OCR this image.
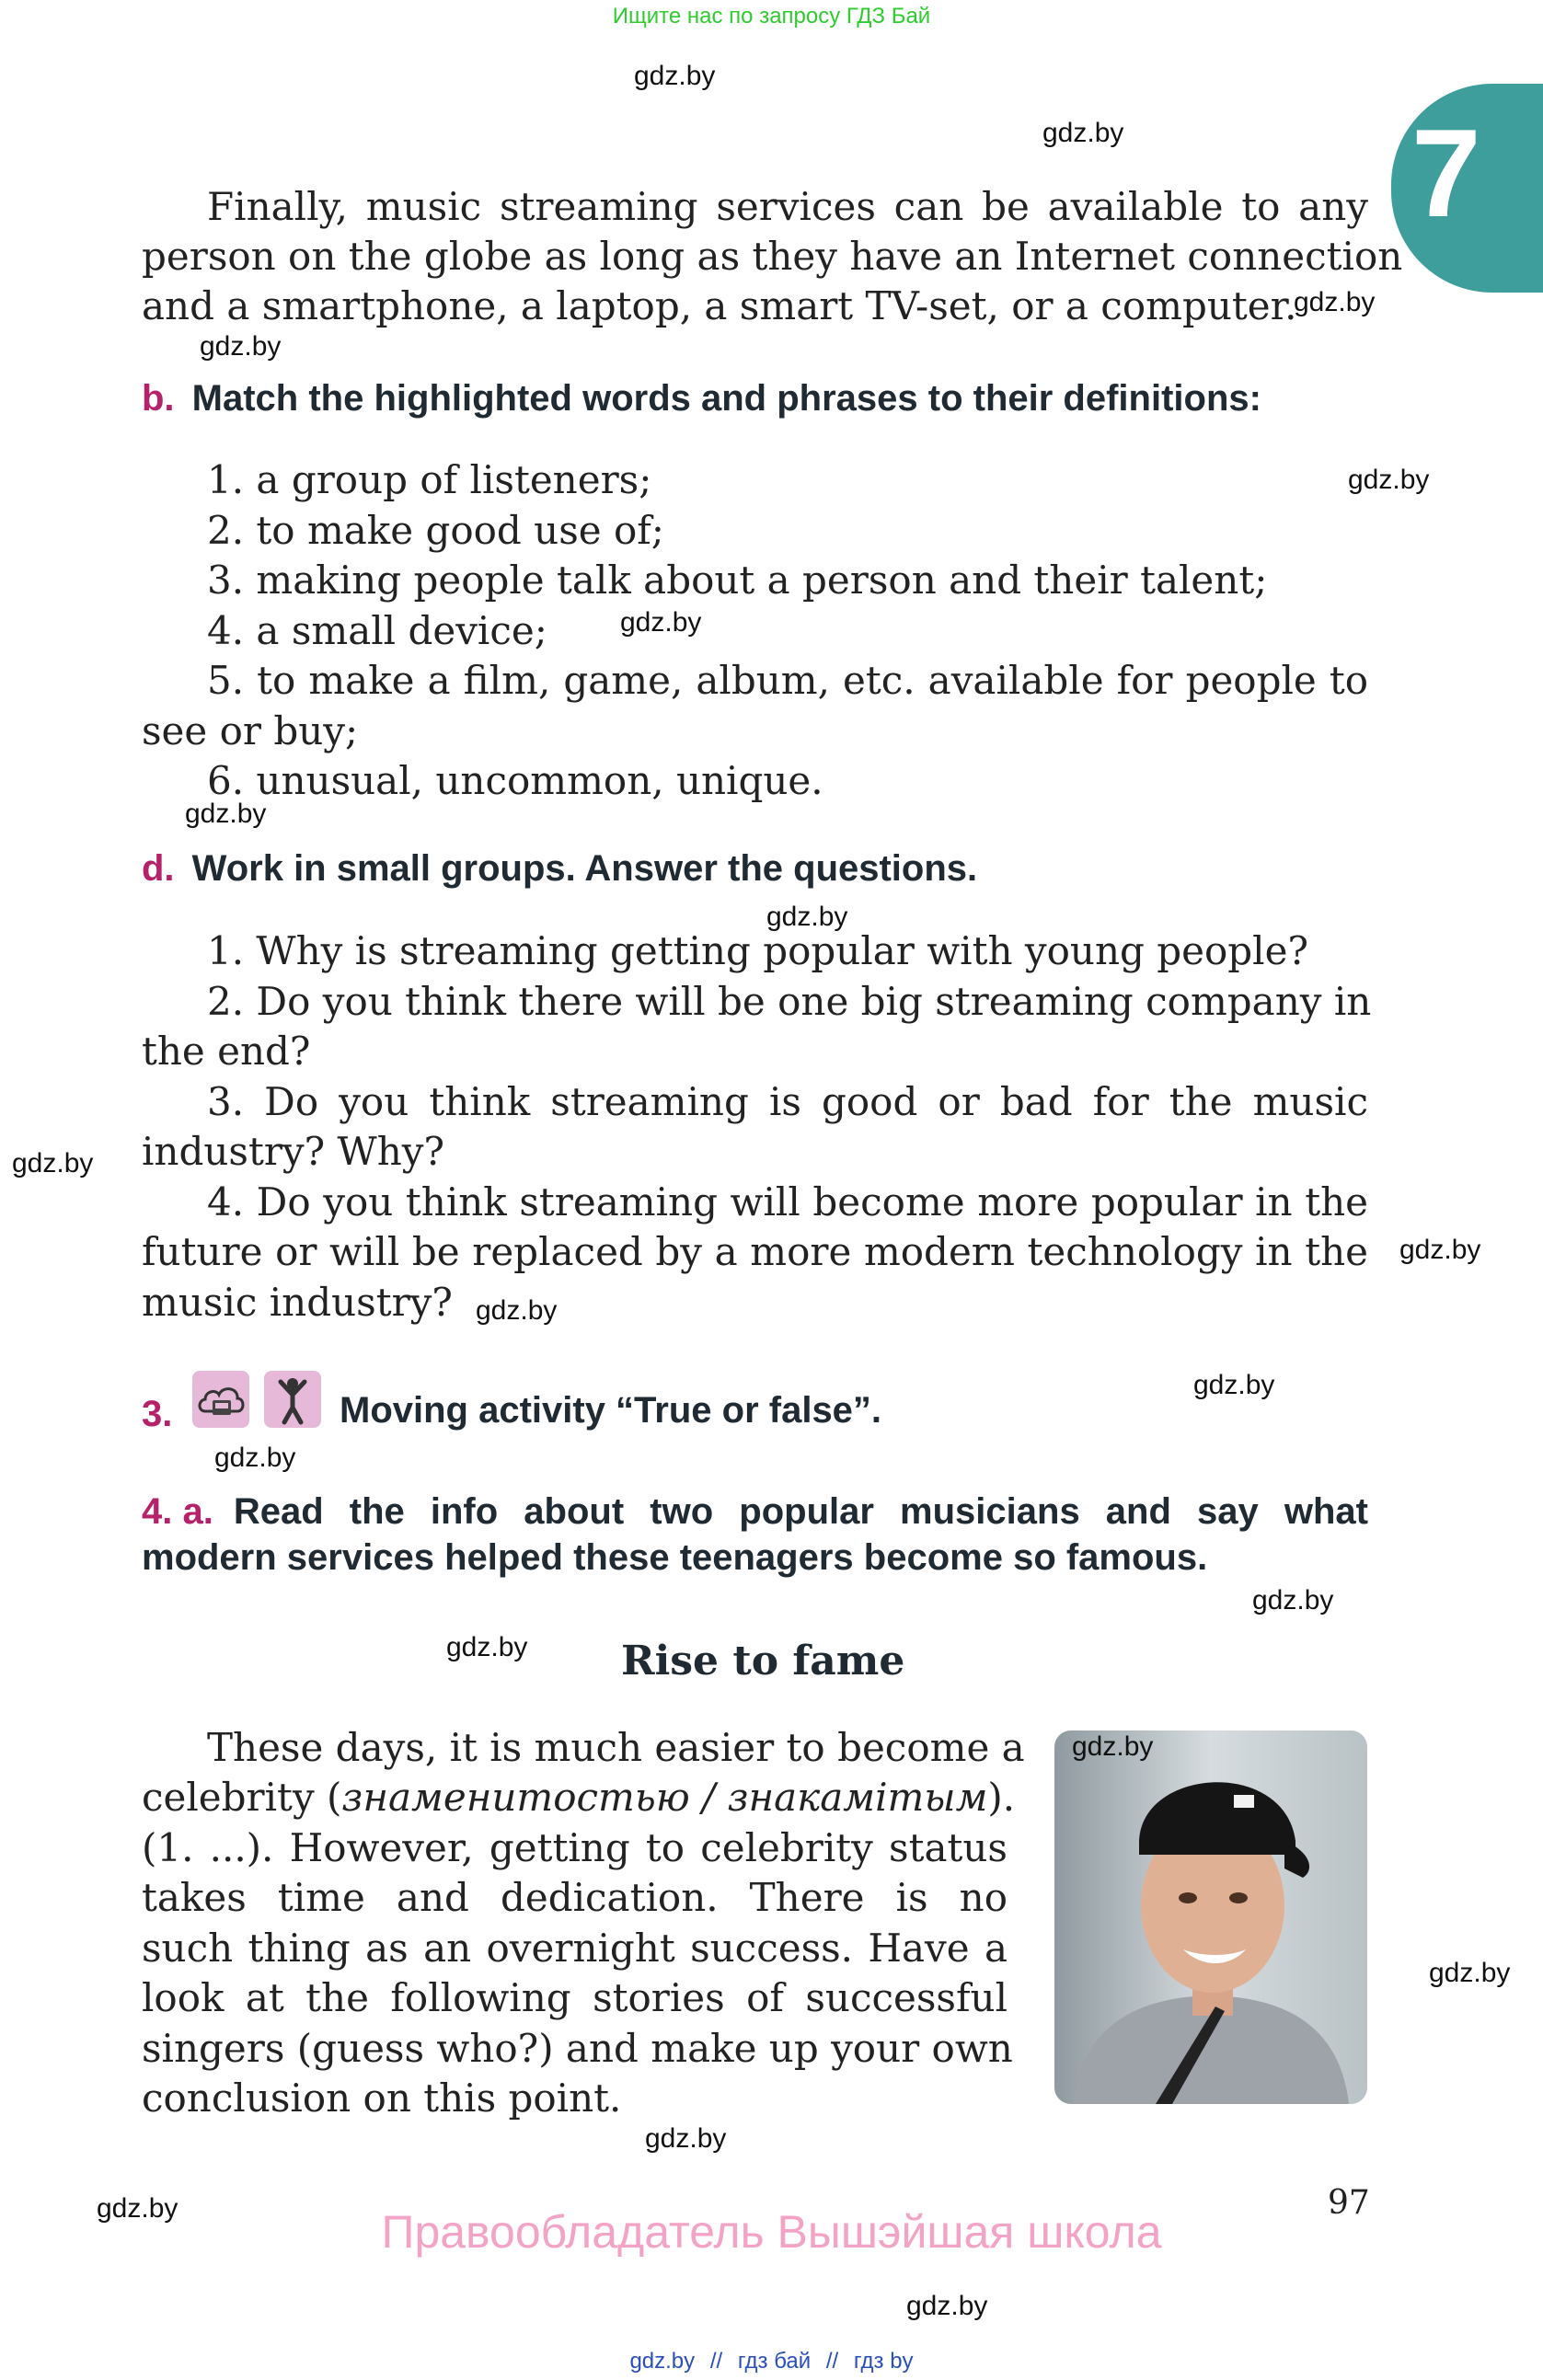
Ищите нас по запросу ГДЗ Бай
7
gdz.by
gdz.by
gdz.by
gdz.by
gdz.by
gdz.by
gdz.by
gdz.by
gdz.by
gdz.by
gdz.by
gdz.by
gdz.by
gdz.by
gdz.by
gdz.by
gdz.by
gdz.by
gdz.by
gdz.by
Finally, music streaming services can be available to any
person on the globe as long as they have an Internet connection
and a smartphone, a laptop, a smart TV-set, or a computer.
b. Match the highlighted words and phrases to their definitions:
1. a group of listeners;
2. to make good use of;
3. making people talk about a person and their talent;
4. a small device;
5. to make a film, game, album, etc. available for people to
see or buy;
6. unusual, uncommon, unique.
d. Work in small groups. Answer the questions.
1. Why is streaming getting popular with young people?
2. Do you think there will be one big streaming company in
the end?
3. Do you think streaming is good or bad for the music
industry? Why?
4. Do you think streaming will become more popular in the
future or will be replaced by a more modern technology in the
music industry?
3.	Moving activity “True or false”.
4. a. Read the info about two popular musicians and say what
modern services helped these teenagers become so famous.
Rise to fame
These days, it is much easier to become a
celebrity ( знаменитостью / знакамітым ).
(1. ...). However, getting to celebrity status
takes time and dedication. There is no
such thing as an overnight success. Have a
look at the following stories of successful
singers (guess who?) and make up your own
conclusion on this point.
97
Правообладатель Вышэйшая школа
gdz.by // гдз бай // гдз by
